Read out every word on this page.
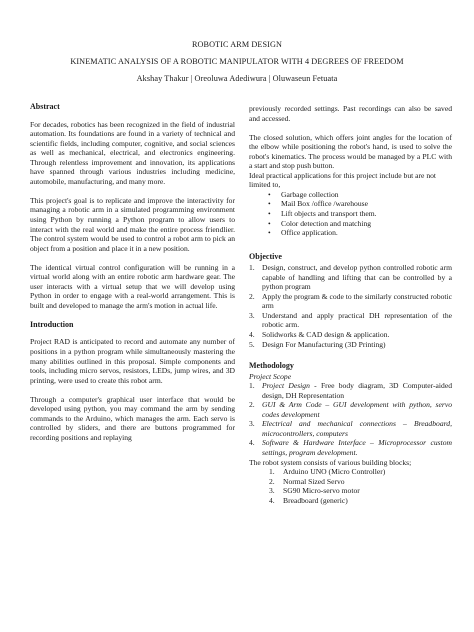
ROBOTIC ARM DESIGN
KINEMATIC ANALYSIS OF A ROBOTIC MANIPULATOR WITH 4 DEGREES OF FREEDOM
Akshay Thakur | Oreoluwa Adediwura | Oluwaseun Fetuata
Abstract

For decades, robotics has been recognized in the field of industrial automation. Its foundations are found in a variety of technical and scientific fields, including computer, cognitive, and social sciences as well as mechanical, electrical, and electronics engineering. Through relentless improvement and innovation, its applications have spanned through various industries including medicine, automobile, manufacturing, and many more.

This project's goal is to replicate and improve the interactivity for managing a robotic arm in a simulated programming environment using Python by running a Python program to allow users to interact with the real world and make the entire process friendlier. The control system would be used to control a robot arm to pick an object from a position and place it in a new position.

The identical virtual control configuration will be running in a virtual world along with an entire robotic arm hardware gear. The user interacts with a virtual setup that we will develop using Python in order to engage with a real-world arrangement. This is built and developed to manage the arm's motion in actual life.

Introduction

Project RAD is anticipated to record and automate any number of positions in a python program while simultaneously mastering the many abilities outlined in this proposal. Simple components and tools, including micro servos, resistors, LEDs, jump wires, and 3D printing, were used to create this robot arm.

Through a computer's graphical user interface that would be developed using python, you may command the arm by sending commands to the Arduino, which manages the arm. Each servo is controlled by sliders, and there are buttons programmed for recording positions and replaying

previously recorded settings. Past recordings can also be saved and accessed.

The closed solution, which offers joint angles for the location of the elbow while positioning the robot's hand, is used to solve the robot's kinematics. The process would be managed by a PLC with a start and stop push button.

Ideal practical applications for this project include but are not limited to,

• Garbage collection
• Mail Box /office /warehouse
• Lift objects and transport them.
• Color detection and matching
• Office application.
Objective
1. Design, construct, and develop python controlled robotic arm capable of handling and lifting that can be controlled by a python program
2. Apply the program & code to the similarly constructed robotic arm
3. Understand and apply practical DH representation of the robotic arm.
4. Solidworks & CAD design & application.
5. Design For Manufacturing (3D Printing)
Methodology
Project Scope
1. Project Design - Free body diagram, 3D Computer-aided design, DH Representation
2. GUI & Arm Code – GUI development with python, servo codes development
3. Electrical and mechanical connections – Breadboard, microcontrollers, computers
4. Software & Hardware Interface – Microprocessor custom settings, program development.

The robot system consists of various building blocks;

1. Arduino UNO (Micro Controller)
2. Normal Sized Servo
3. SG90 Micro-servo motor
4. Breadboard (generic)
